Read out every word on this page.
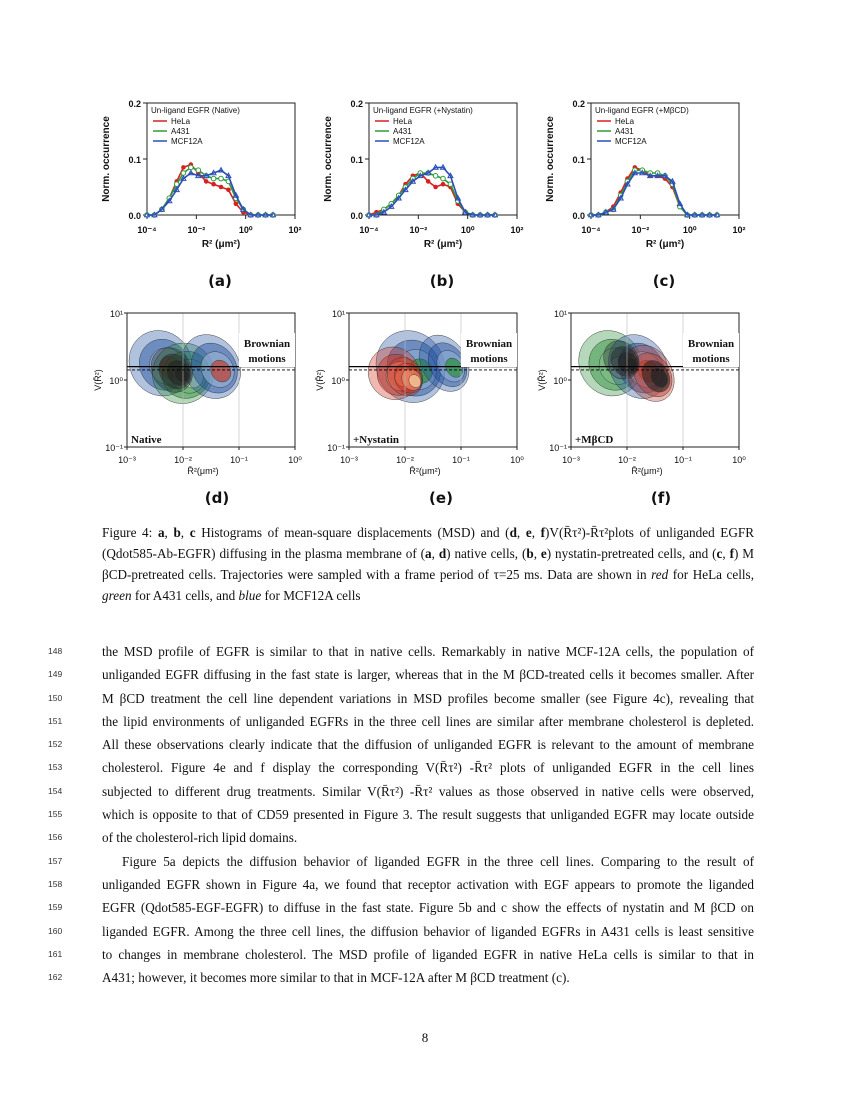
0.0
0.1
0.2
10⁻⁴	10⁻²	10⁰	10²
Norm. occurrence
R² (μm²)
Un-ligand EGFR (Native)
HeLa
A431
MCF12A
0.0
0.1
0.2
10⁻⁴	10⁻²	10⁰	10²
Norm. occurrence
R² (μm²)
Un-ligand EGFR (+Nystatin)
HeLa
A431
MCF12A
0.0
0.1
0.2
10⁻⁴	10⁻²	10⁰	10²
Norm. occurrence
R² (μm²)
Un-ligand EGFR (+MβCD)
HeLa
A431
MCF12A
(a)	(b)	(c)
Brownian
motions
Native
10¹
10⁰
10⁻¹
10⁻³	10⁻²	10⁻¹	10⁰
V(R̄²)
R̄²(μm²)
Brownian
motions
+Nystatin
10¹
10⁰
10⁻¹
10⁻³	10⁻²	10⁻¹	10⁰
V(R̄²)
R̄²(μm²)
Brownian
motions
+MβCD
10¹
10⁰
10⁻¹
10⁻³	10⁻²	10⁻¹	10⁰
V(R̄²)
R̄²(μm²)
(d)	(e)	(f)
Figure 4: a, b, c Histograms of mean-square displacements (MSD) and (d, e, f)V(R̄τ²)-R̄τ²plots of unliganded EGFR (Qdot585-Ab-EGFR) diffusing in the plasma membrane of (a, d) native cells, (b, e) nystatin-pretreated cells, and (c, f) M βCD-pretreated cells. Trajectories were sampled with a frame period of τ=25 ms. Data are shown in red for HeLa cells, green for A431 cells, and blue for MCF12A cells
148	the MSD profile of EGFR is similar to that in native cells. Remarkably in native MCF-12A cells, the population of
149	unliganded EGFR diffusing in the fast state is larger, whereas that in the M βCD-treated cells it becomes smaller. After
150	M βCD treatment the cell line dependent variations in MSD profiles become smaller (see Figure 4c), revealing that
151	the lipid environments of unliganded EGFRs in the three cell lines are similar after membrane cholesterol is depleted.
152	All these observations clearly indicate that the diffusion of unliganded EGFR is relevant to the amount of membrane
153	cholesterol. Figure 4e and f display the corresponding V(R̄τ²) -R̄τ² plots of unliganded EGFR in the cell lines
154	subjected to different drug treatments. Similar V(R̄τ²) -R̄τ² values as those observed in native cells were observed,
155	which is opposite to that of CD59 presented in Figure 3. The result suggests that unliganded EGFR may locate outside
156	of the cholesterol-rich lipid domains.
157	Figure 5a depicts the diffusion behavior of liganded EGFR in the three cell lines. Comparing to the result of
158	unliganded EGFR shown in Figure 4a, we found that receptor activation with EGF appears to promote the liganded
159	EGFR (Qdot585-EGF-EGFR) to diffuse in the fast state. Figure 5b and c show the effects of nystatin and M βCD on
160	liganded EGFR. Among the three cell lines, the diffusion behavior of liganded EGFRs in A431 cells is least sensitive
161	to changes in membrane cholesterol. The MSD profile of liganded EGFR in native HeLa cells is similar to that in
162	A431; however, it becomes more similar to that in MCF-12A after M βCD treatment (c).
8
